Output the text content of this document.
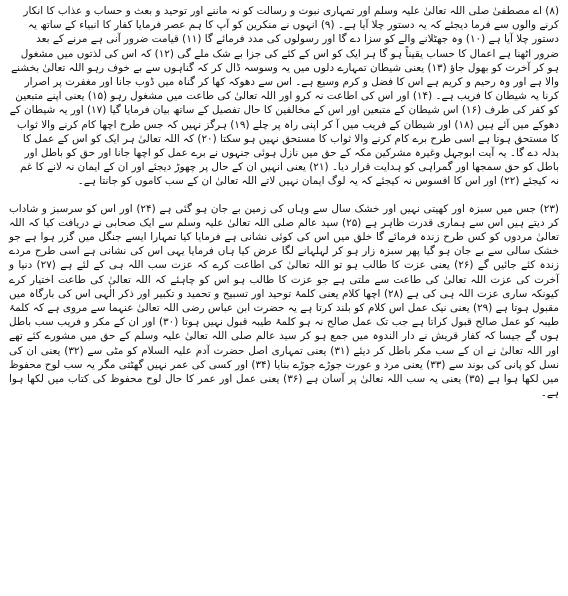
(۸) اے مصطفیٰ صلی اللہ تعالیٰ علیہ وسلم اور تمہاری نبوت و رسالت کو نہ ماننے اور توحید و بعث و حساب و عذاب کا انکار کرنے والوں سے فرما دیجئے کہ یہ دستور چلا آیا ہے۔ (۹) انہوں نے منکرین کو آپ کا ہم عصر فرمایا کفار کا انبیاء کے ساتھ یہ دستور چلا آیا ہے (۱۰) وہ جھٹلانے والے کو سزا دے گا اور رسولوں کی مدد فرمائے گا (۱۱) قیامت ضرور آنی ہے مرنے کے بعد ضرور اٹھنا ہے اعمال کا حساب یقیناً ہو گا ہر ایک کو اس کے کئے کی جزا بے شک ملے گی (۱۲) کہ اس کی لذتوں میں مشغول ہو کر آخرت کو بھول جاؤ (۱۳) یعنی شیطان تمہارے دلوں میں یہ وسوسہ ڈال کر کہ گناہوں سے بے خوف رہو اللہ تعالیٰ بخشنے والا ہے اور وہ رحیم و کریم ہے اس کا فضل و کرم وسیع ہے۔ اس سے دھوکہ کھا کر گناہ میں ڈوب جانا اور مغفرت پر اصرار کرنا یہ شیطان کا فریب ہے۔ (۱۴) اور اس کی اطاعت نہ کرو اور اللہ تعالیٰ کی طاعت میں مشغول رہو (۱۵) یعنی اپنے متبعین کو کفر کی طرف (۱۶) اس شیطان کے متبعین اور اس کے مخالفین کا حال تفصیل کے ساتھ بیان فرمایا گیا (۱۷) اور یہ شیطان کے دھوکے میں آئے ہیں (۱۸) اور شیطان کے فریب میں آ کر اپنی راہ پر چلے (۱۹) ہرگز نہیں کہ جس طرح اچھا کام کرنے والا ثواب کا مستحق ہوتا ہے اسی طرح برے کام کرنے والا ثواب کا مستحق نہیں ہو سکتا (۲۰) کہ اللہ تعالیٰ ہر ایک کو اس کے عمل کا بدلہ دے گا۔ یہ آیت ابوجہل وغیرہ مشرکین مکہ کے حق میں نازل ہوئی جنہوں نے برے عمل کو اچھا جانا اور حق کو باطل اور باطل کو حق سمجھا اور گمراہی کو ہدایت قرار دیا۔ (۲۱) یعنی انہیں ان کے حال پر چھوڑ دیجئے اور ان کے ایمان نہ لانے کا غم نہ کیجئے (۲۲) اور اس کا افسوس نہ کیجئے کہ یہ لوگ ایمان نہیں لاتے اللہ تعالیٰ ان کے سب کاموں کو جانتا ہے۔

(۲۳) جس میں سبزہ اور کھیتی نہیں اور خشک سال سے وہاں کی زمین بے جان ہو گئی ہے (۲۴) اور اس کو سرسبز و شاداب کر دیتے ہیں اس سے ہماری قدرت ظاہر ہے (۲۵) سید عالم صلی اللہ تعالیٰ علیہ وسلم سے ایک صحابی نے دریافت کیا کہ اللہ تعالیٰ مردوں کو کس طرح زندہ فرمائے گا خلق میں اس کی کوئی نشانی ہے فرمایا کیا تمہارا ایسے جنگل میں گزر ہوا ہے جو خشک سالی سے بے جان ہو گیا پھر سبزہ زار ہو کر لہلہانے لگا عرض کیا ہاں فرمایا یہی اس کی نشانی ہے اسی طرح مردے زندہ کئے جائیں گے (۲۶) یعنی عزت کا طالب ہو تو اللہ تعالیٰ کی اطاعت کرے کہ عزت سب اللہ ہی کے لئے ہے (۲۷) دنیا و آخرت کی عزت اللہ تعالیٰ کی طاعت سے ملتی ہے جو عزت کا طالب ہو اس کو چاہئے کہ اللہ تعالیٰ کی طاعت اختیار کرے کیونکہ ساری عزت اللہ ہی کی ہے (۲۸) اچھا کلام یعنی کلمۂ توحید اور تسبیح و تحمید و تکبیر اور ذکر الٰہی اس کی بارگاہ میں مقبول ہوتا ہے (۲۹) یعنی نیک عمل اس کلام کو بلند کرتا ہے یہ حضرت ابن عباس رضی اللہ تعالیٰ عنہما سے مروی ہے کہ کلمۂ طیبہ کو عمل صالح قبول کراتا ہے جب تک عمل صالح نہ ہو کلمۂ طیبہ قبول نہیں ہوتا (۳۰) اور ان کے مکر و فریب سب باطل ہوں گے جیسا کہ کفار قریش نے دار الندوہ میں جمع ہو کر سید عالم صلی اللہ تعالیٰ علیہ وسلم کے حق میں مشورے کئے تھے اور اللہ تعالیٰ نے ان کے سب مکر باطل کر دیئے (۳۱) یعنی تمہاری اصل حضرت آدم علیہ السلام کو مٹی سے (۳۲) یعنی ان کی نسل کو پانی کی بوند سے (۳۳) یعنی مرد و عورت جوڑے جوڑے بنایا (۳۴) اور کسی کی عمر نہیں گھٹتی مگر یہ سب لوح محفوظ میں لکھا ہوا ہے (۳۵) یعنی یہ سب اللہ تعالیٰ پر آسان ہے (۳۶) یعنی عمل اور عمر کا حال لوح محفوظ کی کتاب میں لکھا ہوا ہے۔
